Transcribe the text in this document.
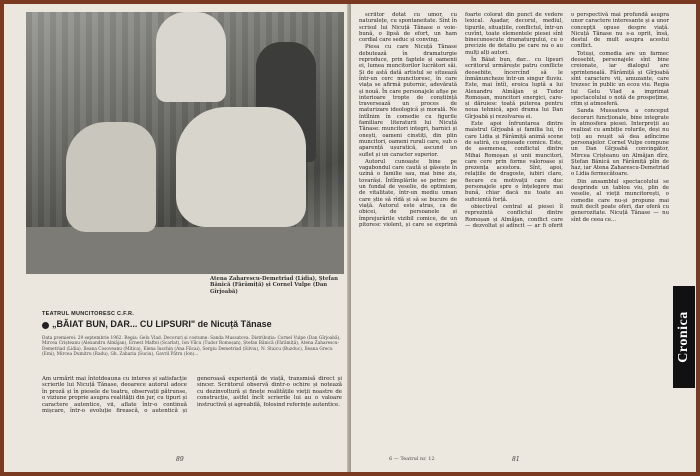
Atena Zaharescu-Demetriad (Lidia), Ștefan Bănică (Fărâmiță) și Cornel Vulpe (Dan Gîrjoabă)
TEATRUL MUNCITORESC C.F.R.
„BĂIAT BUN, DAR... CU LIPSURI" de Nicuță Tănase
Data premierei: 29 septembrie 1962. Regia: Gelu Vlad. Decoruri și costume: Sanda Mussatova. Distribuția: Cornel Vulpe (Dan Gîrjoabă), Mircea Crișteanu (Alexandru Almăjan), Ernest Maftei (Scarlat), Ion Vîlcu (Tudor Romoșan), Ștefan Bănică (Fărâmiță), Atena Zaharescu-Demetriad (Lidia), Ileana Cosoveanu (Mitica), Elena Iuschin (Ana Filcai), Sergiu Demetriad (Silviu), N. Staicu (Buzduc), Ileana Grecu (Emi), Mircea Dumitru (Radu), Gh. Zaharia (Suciu), Gavril Pătru (Ion)...
Am urmărit mai întotdeauna cu interes și satisfacție scrierile lui Nicuță Tănase, deoarece autorul adoce în proză și în piesele de teatru, observații pătrunse, o viziune proprie asupra realității din jur, cu tipuri și caractere autentice, vii, aflate într-o continuă mișcare, într-o evoluție firească, o autentică și generoasă experiență de viață, transmisă direct și sincer. Scriitorul observă dintr-o ochire și notează cu dezinvoltură și finețe realitățile vieții noastre de construcție, astfel încît scrierile lui au o valoare instructivă și agreabilă, folosind referințe autentice.
89

scriitor dotat cu umor, cu naturalețe, cu spontaneitate. Sînt în scrisul lui Nicuță Tănase o voie-bună, o lipsă de efort, un ham cordial care seduc și conving.

Piesa cu care Nicuță Tănase debutează în dramaturgie reproduce, prin faptele și oamenii ei, lumea muncitorilor lucrători săi. Și de astă dată artistul se situează într-un cerc muncitoresc, în care viața se afirmă puternic, adevărată și nouă. În care personajele afișe pe interioare tropte de conștiință traversează un proces de maturizare ideologică și morală. Ne întîlnim în comedie cu figurile familiare literaturii lui Nicuță Tănase: muncitori integri, harnici și onești, oameni cinstiți, din plin muncitori, oameni rurali care, sub o aparență ușuratică, ascund un suflet și un caracter superior.

Autorul cunoaște bine pe vagabondul care caută și găsește în uzină o familie sau, mai bine zis, tovarăși. Întîmplările se petrec pe un fundal de veselie, de optimism, de vitalitate, într-un mediu uman care știe să rîdă și să se bucure de viață. Autorul este atras, ca de obicei, de persoanele și împrejurările vizibil comice, de un pitoresc violent, și care se exprimă foarte colorat din punct de vedere lexical. Așadar, decorul, mediul, tipurile, situațiile, conflictul, într-un cuvînt, toate elementele piesei sînt binecunoscute dramaturgului, cu o precizie de detaliu pe care nu o au mulți alți autori.

În Băiat bun, dar... cu lipsuri scriitorul urmărește patru conflicte deosebite, încercînd să le înmănuncheze într-un singur fluviu. Este, mai întîi, eroica luptă a lui Alexandru Almăjan și Tudor Romoșan, muncitori energici, care-și dăruiesc toată puterea pentru noua tehnică, apoi drama lui Dan Gîrjoabă și rezolvarea ei.

Este apoi înfruntarea dintre maistrul Gîrjoabă și familia lui, în care Lidia și Fărâmiță animă scene de satiră, cu episoade comice. Este, de asemenea, conflictul dintre Mihai Romoșan și unii muncitori, care cere prin forme valoroase și prezența acestora. Sînt, apoi, relațiile de dragoste, iubiri clare, fiecare cu motivații care duc personajele spre o înțelegere mai bună, chiar dacă nu toate au suficientă forță.

obiectivul central al piesei îl reprezintă conflictul dintre Romoșan și Almăjan, conflict care — dezvoltat și adîncit — ar fi oferit o perspectivă mai profundă asupra unor caractere interesante și a unor concepții opuse despre viață. Nicuță Tănase nu s-a oprit, însă, destul de mult asupra acestui conflict.

Totuși, comedia are un farmec deosebit, personajele sînt bine creionate, iar dialogul are sprinteneală. Fărâmiță și Gîrjoabă sînt caractere vii, amuzante, care trezesc în public un ecou viu. Regia lui Gelu Vlad a imprimat spectacolului o notă de prospețime, ritm și atmosferă.

Sanda Mussatova a conceput decoruri funcționale, bine integrate în atmosfera piesei. Interpreții au realizat cu ambiție rolurile, deși nu toți au reușit să dea adîncime personajelor. Cornel Vulpe compune un Dan Gîrjoabă convingător, Mircea Crișteanu un Almăjan dîrz, Ștefan Bănică un Fărâmiță plin de haz, iar Atena Zaharescu-Demetriad o Lidia fermecătoare.

Din ansamblul spectacolului se desprinde un tablou viu, plin de veselie, al vieții muncitorești, o comedie care nu-și propune mai mult decît poate oferi, dar oferă cu generozitate. Nicuță Tănase — nu sînt de ceea ce...

6 — Teatrul nr. 12	81
Cronica
